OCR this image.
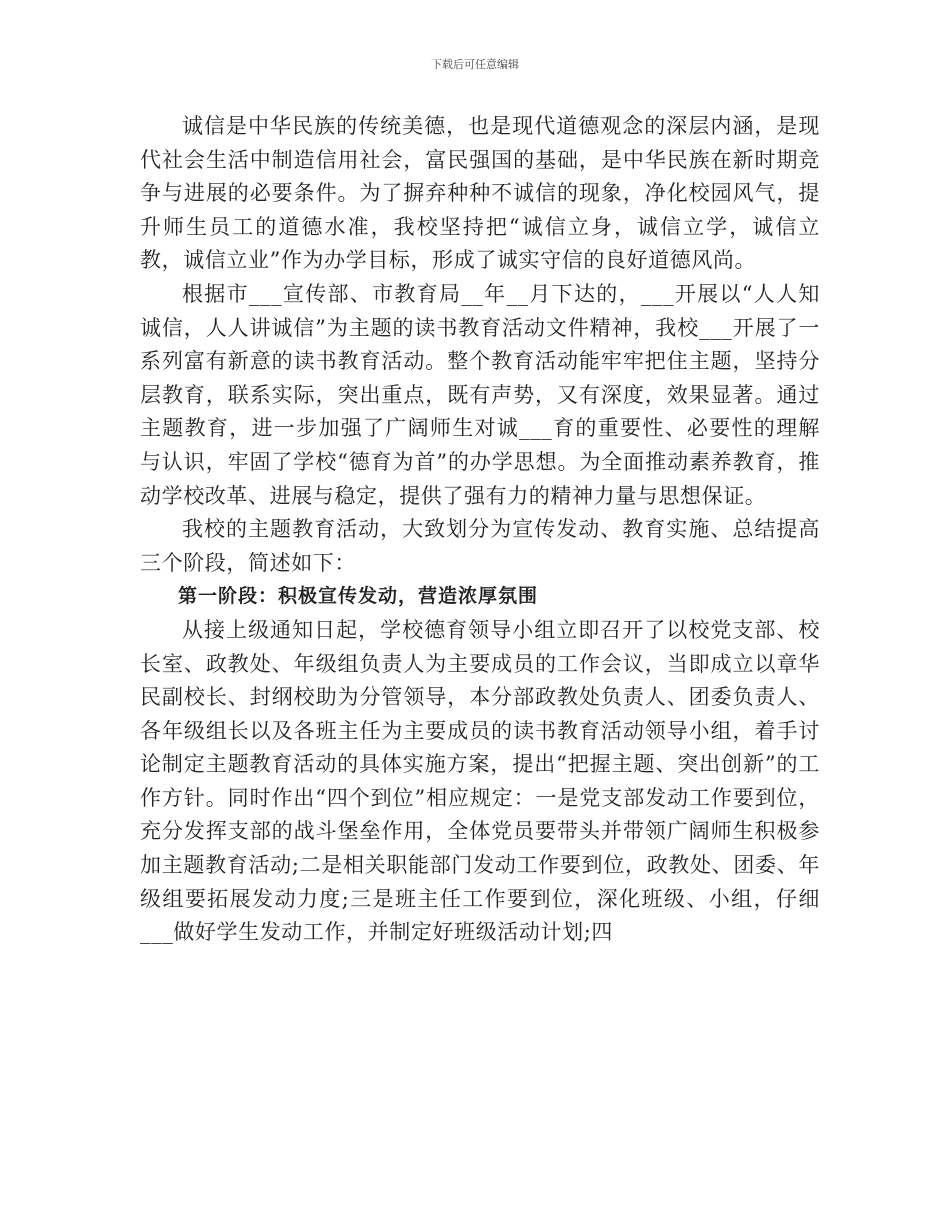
下载后可任意编辑

诚信是中华民族的传统美德，也是现代道德观念的深层内涵，是现代社会生活中制造信用社会，富民强国的基础，是中华民族在新时期竞争与进展的必要条件。为了摒弃种种不诚信的现象，净化校园风气，提升师生员工的道德水准，我校坚持把“诚信立身，诚信立学，诚信立教，诚信立业”作为办学目标，形成了诚实守信的良好道德风尚。

根据市___宣传部、市教育局__年__月下达的，___开展以“人人知诚信，人人讲诚信”为主题的读书教育活动文件精神，我校___开展了一系列富有新意的读书教育活动。整个教育活动能牢牢把住主题，坚持分层教育，联系实际，突出重点，既有声势，又有深度，效果显著。通过主题教育，进一步加强了广阔师生对诚___育的重要性、必要性的理解与认识，牢固了学校“德育为首”的办学思想。为全面推动素养教育，推动学校改革、进展与稳定，提供了强有力的精神力量与思想保证。

我校的主题教育活动，大致划分为宣传发动、教育实施、总结提高三个阶段，简述如下：

第一阶段：积极宣传发动，营造浓厚氛围

从接上级通知日起，学校德育领导小组立即召开了以校党支部、校长室、政教处、年级组负责人为主要成员的工作会议，当即成立以章华民副校长、封纲校助为分管领导，本分部政教处负责人、团委负责人、各年级组长以及各班主任为主要成员的读书教育活动领导小组，着手讨论制定主题教育活动的具体实施方案，提出“把握主题、突出创新”的工作方针。同时作出“四个到位”相应规定：一是党支部发动工作要到位，充分发挥支部的战斗堡垒作用，全体党员要带头并带领广阔师生积极参加主题教育活动;二是相关职能部门发动工作要到位，政教处、团委、年级组要拓展发动力度;三是班主任工作要到位，深化班级、小组，仔细___做好学生发动工作，并制定好班级活动计划;四
